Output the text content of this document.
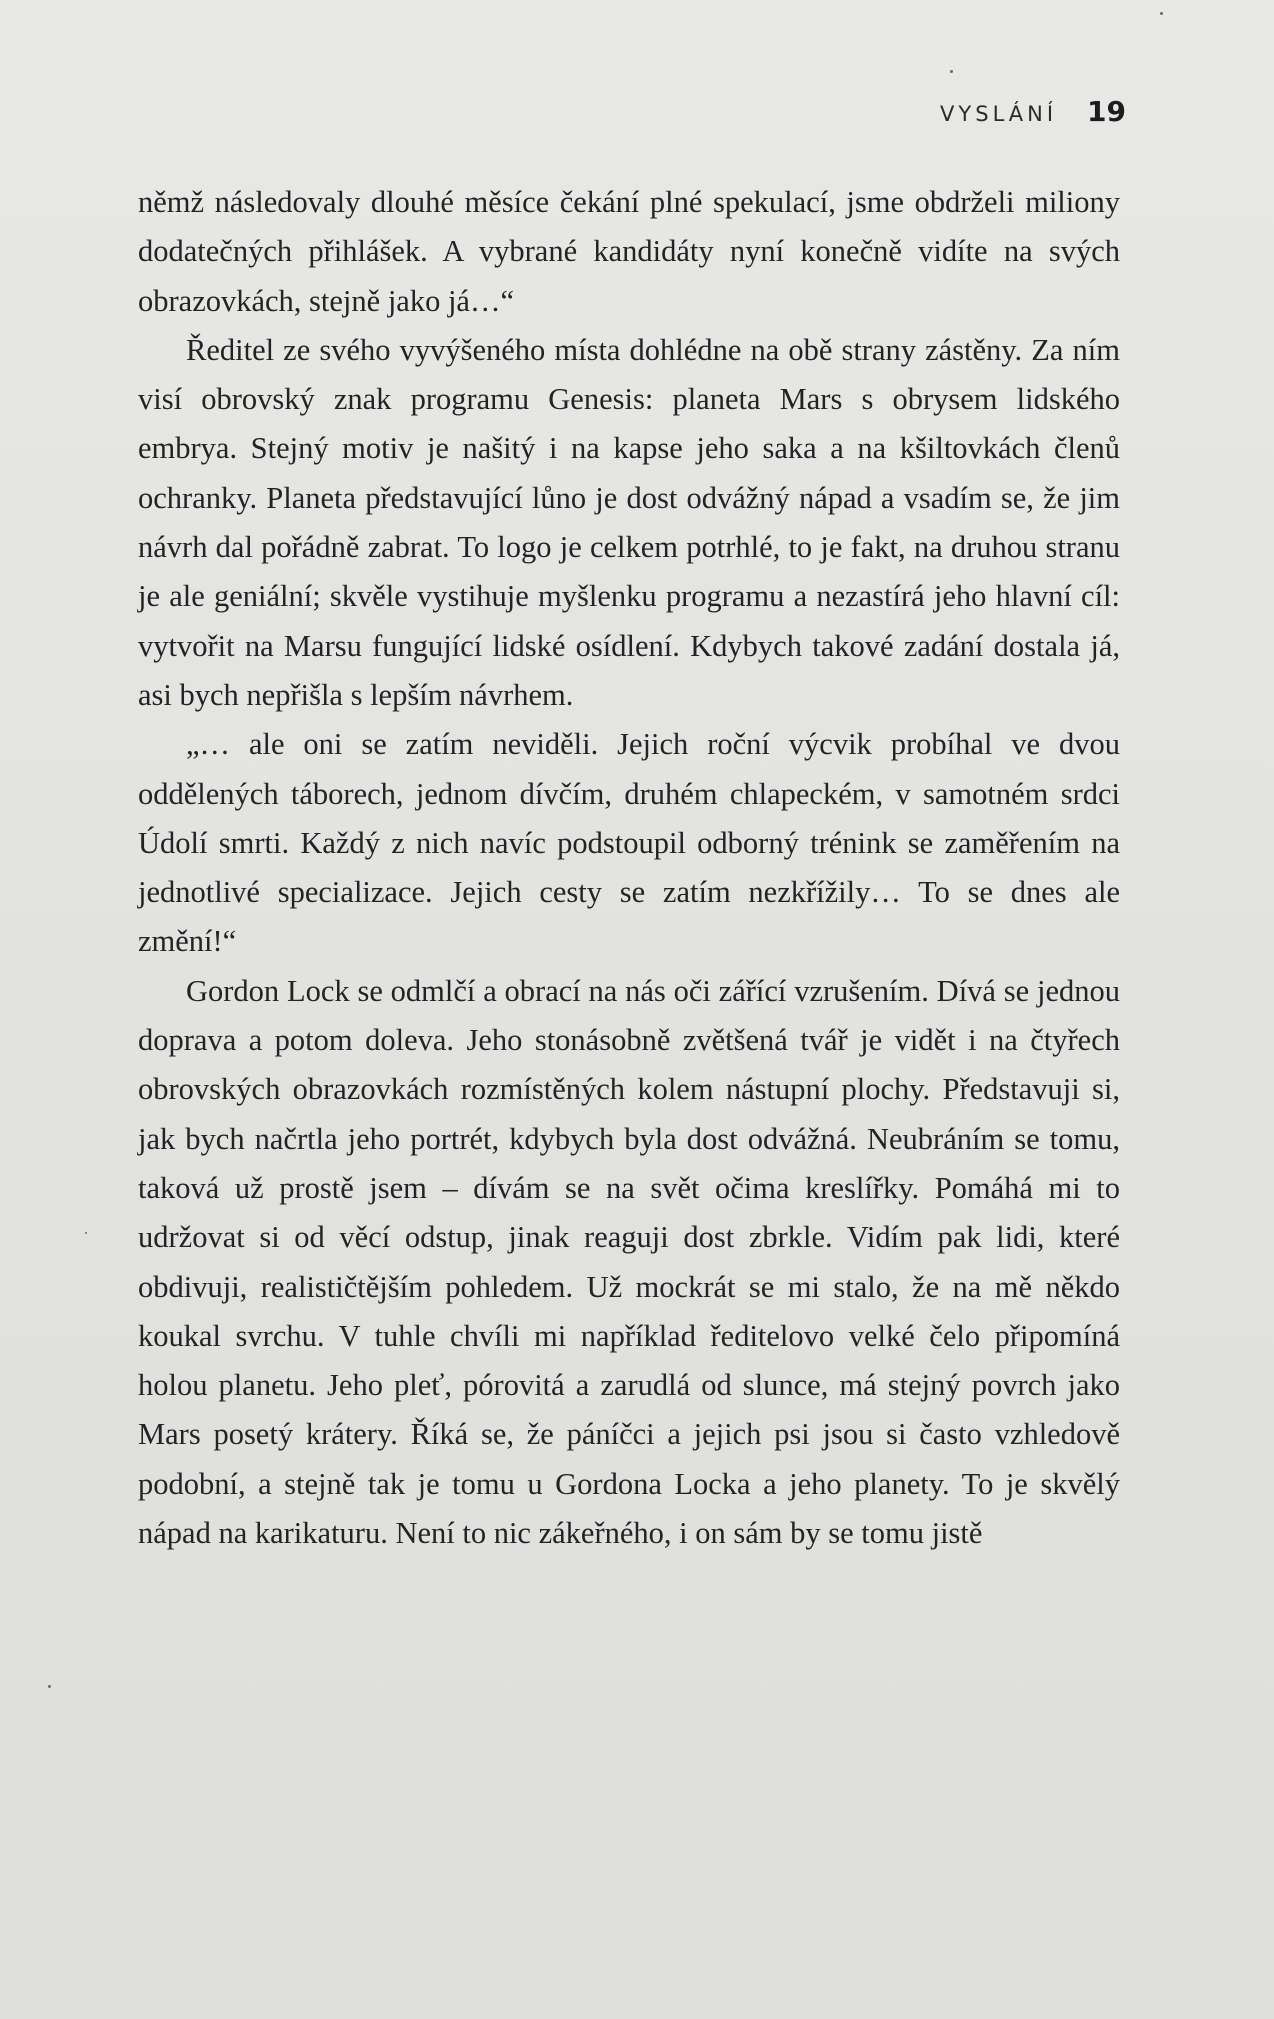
VYSLÁNÍ 19

němž následovaly dlouhé měsíce čekání plné spekulací, jsme obdrželi miliony dodatečných přihlášek. A vybrané kandidáty nyní konečně vidíte na svých obrazovkách, stejně jako já…“

Ředitel ze svého vyvýšeného místa dohlédne na obě strany zástěny. Za ním visí obrovský znak programu Genesis: planeta Mars s obrysem lidského embrya. Stejný motiv je našitý i na kapse jeho saka a na kšiltovkách členů ochranky. Planeta představující lůno je dost odvážný nápad a vsadím se, že jim návrh dal pořádně zabrat. To logo je celkem potrhlé, to je fakt, na druhou stranu je ale geniální; skvěle vystihuje myšlenku programu a nezastírá jeho hlavní cíl: vytvořit na Marsu fungující lidské osídlení. Kdybych takové zadání dostala já, asi bych nepřišla s lepším návrhem.

„… ale oni se zatím neviděli. Jejich roční výcvik probíhal ve dvou oddělených táborech, jednom dívčím, druhém chlapeckém, v samotném srdci Údolí smrti. Každý z nich navíc podstoupil odborný trénink se zaměřením na jednotlivé specializace. Jejich cesty se zatím nezkřížily… To se dnes ale změní!“

Gordon Lock se odmlčí a obrací na nás oči zářící vzrušením. Dívá se jednou doprava a potom doleva. Jeho stonásobně zvětšená tvář je vidět i na čtyřech obrovských obrazovkách rozmístěných kolem nástupní plochy. Představuji si, jak bych načrtla jeho portrét, kdybych byla dost odvážná. Neubráním se tomu, taková už prostě jsem – dívám se na svět očima kreslířky. Pomáhá mi to udržovat si od věcí odstup, jinak reaguji dost zbrkle. Vidím pak lidi, které obdivuji, realističtějším pohledem. Už mockrát se mi stalo, že na mě někdo koukal svrchu. V tuhle chvíli mi například ředitelovo velké čelo připomíná holou planetu. Jeho pleť, pórovitá a zarudlá od slunce, má stejný povrch jako Mars posetý krátery. Říká se, že páníčci a jejich psi jsou si často vzhledově podobní, a stejně tak je tomu u Gordona Locka a jeho planety. To je skvělý nápad na karikaturu. Není to nic zákeřného, i on sám by se tomu jistě
